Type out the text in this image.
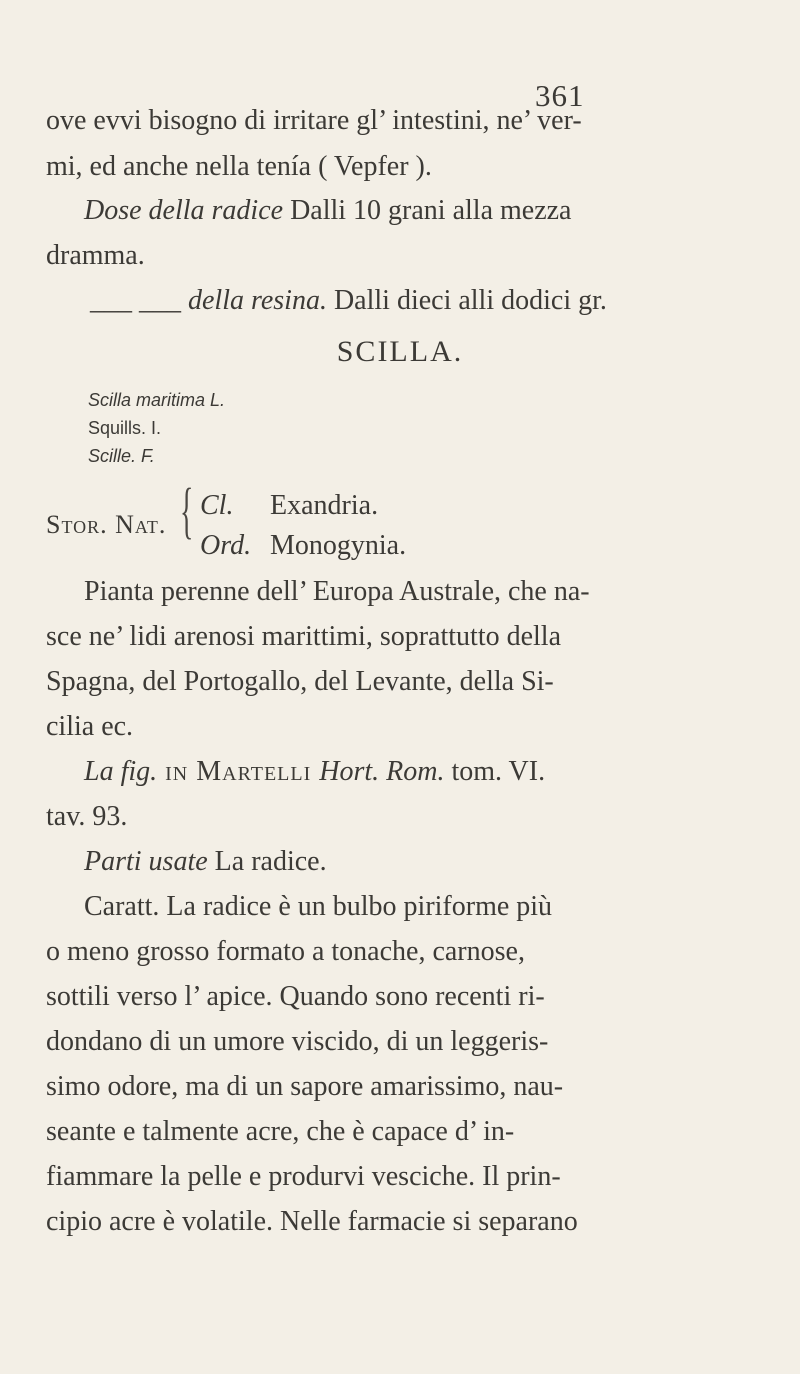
361
ove evvi bisogno di irritare gl’ intestini, ne’ ver-
mi, ed anche nella tenía ( Vepfer ).
Dose della radice Dalli 10 grani alla mezza
dramma.
___ ___ della resina. Dalli dieci alli dodici gr.
SCILLA.
Scilla maritima L.
Squills. I.
Scille. F.
Stor. Nat. { Cl. Exandria.
Ord. Monogynia.
Pianta perenne dell’ Europa Australe, che na-
sce ne’ lidi arenosi marittimi, soprattutto della
Spagna, del Portogallo, del Levante, della Si-
cilia ec.
La fig. in Martelli Hort. Rom. tom. VI.
tav. 93.
Parti usate La radice.
Caratt. La radice è un bulbo piriforme più
o meno grosso formato a tonache, carnose,
sottili verso l’ apice. Quando sono recenti ri-
dondano di un umore viscido, di un leggeris-
simo odore, ma di un sapore amarissimo, nau-
seante e talmente acre, che è capace d’ in-
fiammare la pelle e produrvi vesciche. Il prin-
cipio acre è volatile. Nelle farmacie si separano
